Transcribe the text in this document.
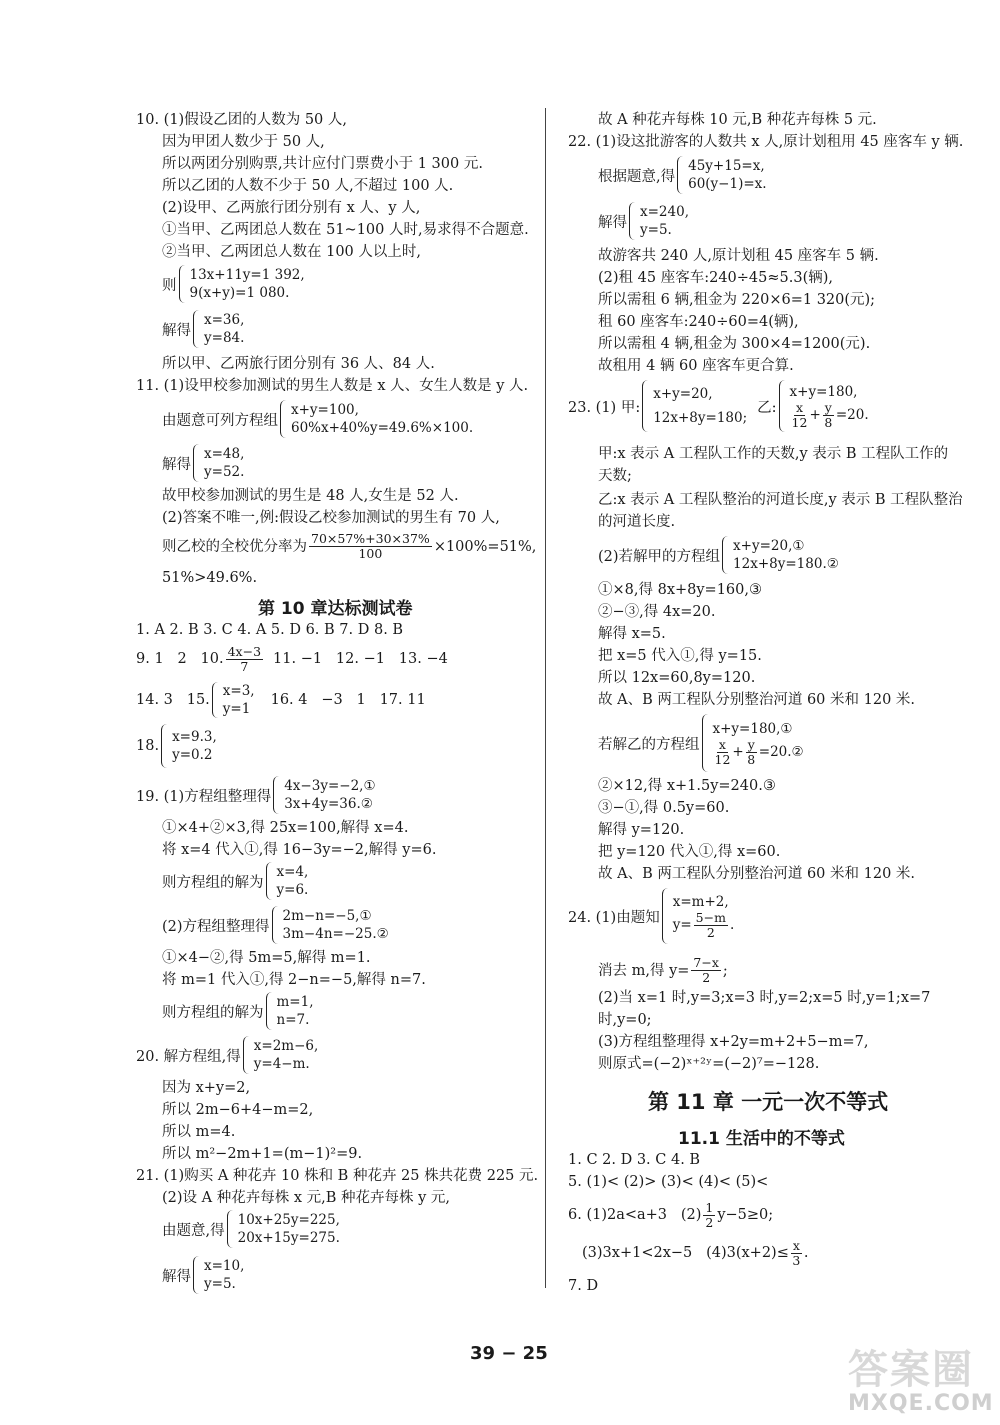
10. (1)假设乙团的人数为 50 人,
因为甲团人数少于 50 人,
所以两团分别购票,共计应付门票费小于 1 300 元.
所以乙团的人数不少于 50 人,不超过 100 人.
(2)设甲、乙两旅行团分别有 x 人、y 人,
①当甲、乙两团总人数在 51~100 人时,易求得不合题意.
②当甲、乙两团总人数在 100 人以上时,
则
13x+11y=1 392,
9(x+y)=1 080.
解得
x=36,
y=84.
所以甲、乙两旅行团分别有 36 人、84 人.
11. (1)设甲校参加测试的男生人数是 x 人、女生人数是 y 人.
由题意可列方程组
x+y=100,
60%x+40%y=49.6%×100.
解得
x=48,
y=52.
故甲校参加测试的男生是 48 人,女生是 52 人.
(2)答案不唯一,例:假设乙校参加测试的男生有 70 人,
则乙校的全校优分率为 $\frac{70\times 57\%+30\times 37\%}{100} \times 100\%=51\%$,
51%>49.6%.
第 10 章达标测试卷
1. A 2. B 3. C 4. A 5. D 6. B 7. D 8. B
9. 1   2   10. $\frac{4x-3}{7} 11$. −1   12. −1   13. −4
14. 3   15.
x=3,
y=1
16. 4   −3   1   17. 11
18.
x=9.3,
y=0.2
19. (1)方程组整理得
4x−3y=−2,①
3x+4y=36.②
①×4+②×3,得 25x=100,解得 x=4.
将 x=4 代入①,得 16−3y=−2,解得 y=6.
则方程组的解为
x=4,
y=6.
(2)方程组整理得
2m−n=−5,①
3m−4n=−25.②
①×4−②,得 5m=5,解得 m=1.
将 m=1 代入①,得 2−n=−5,解得 n=7.
则方程组的解为
m=1,
n=7.
20. 解方程组,得
x=2m−6,
y=4−m.
因为 x+y=2,
所以 2m−6+4−m=2,
所以 m=4.
所以 m²−2m+1=(m−1)²=9.
21. (1)购买 A 种花卉 10 株和 B 种花卉 25 株共花费 225 元.
(2)设 A 种花卉每株 x 元,B 种花卉每株 y 元,
由题意,得
10x+25y=225,
20x+15y=275.
解得
x=10,
y=5.
故 A 种花卉每株 10 元,B 种花卉每株 5 元.
22. (1)设这批游客的人数共 x 人,原计划租用 45 座客车 y 辆.
根据题意,得
45y+15=x,
60(y−1)=x.
解得
x=240,
y=5.
故游客共 240 人,原计划租 45 座客车 5 辆.
(2)租 45 座客车:240÷45≈5.3(辆),
所以需租 6 辆,租金为 220×6=1 320(元);
租 60 座客车:240÷60=4(辆),
所以需租 4 辆,租金为 300×4=1200(元).
故租用 4 辆 60 座客车更合算.
23. (1) 甲:
x+y=20,
12x+8y=180;
乙:
x+y=180,
$\frac{x}{12} + \frac{y}{8} =20$.
甲:x 表示 A 工程队工作的天数,y 表示 B 工程队工作的
天数;
乙:x 表示 A 工程队整治的河道长度,y 表示 B 工程队整治
的河道长度.
(2)若解甲的方程组
x+y=20,①
12x+8y=180.②
①×8,得 8x+8y=160,③
②−③,得 4x=20.
解得 x=5.
把 x=5 代入①,得 y=15.
所以 12x=60,8y=120.
故 A、B 两工程队分别整治河道 60 米和 120 米.
若解乙的方程组
x+y=180,①
$\frac{x}{12} + \frac{y}{8}$ =20.②
②×12,得 x+1.5y=240.③
③−①,得 0.5y=60.
解得 y=120.
把 y=120 代入①,得 x=60.
故 A、B 两工程队分别整治河道 60 米和 120 米.
24. (1)由题知
x=m+2,
$y= \frac{5-m}{2}$ .
消去 m,得 $y= \frac{7-x}{2}$ ;
(2)当 x=1 时,y=3;x=3 时,y=2;x=5 时,y=1;x=7
时,y=0;
(3)方程组整理得 x+2y=m+2+5−m=7,
则原式=(−2)ˣ⁺²ʸ=(−2)⁷=−128.
第 11 章 一元一次不等式
11.1 生活中的不等式
1. C 2. D 3. C 4. B
5. (1)< (2)> (3)< (4)< (5)<
6. (1)2a<a+3   $(2) \frac{1}{2} y-5\ge 0$;
(3)3x+1<2x−5   $(4)3(x+2)\le \frac{x}{3}$ .
7. D
39 − 25	答案圈
MXQE.COM
